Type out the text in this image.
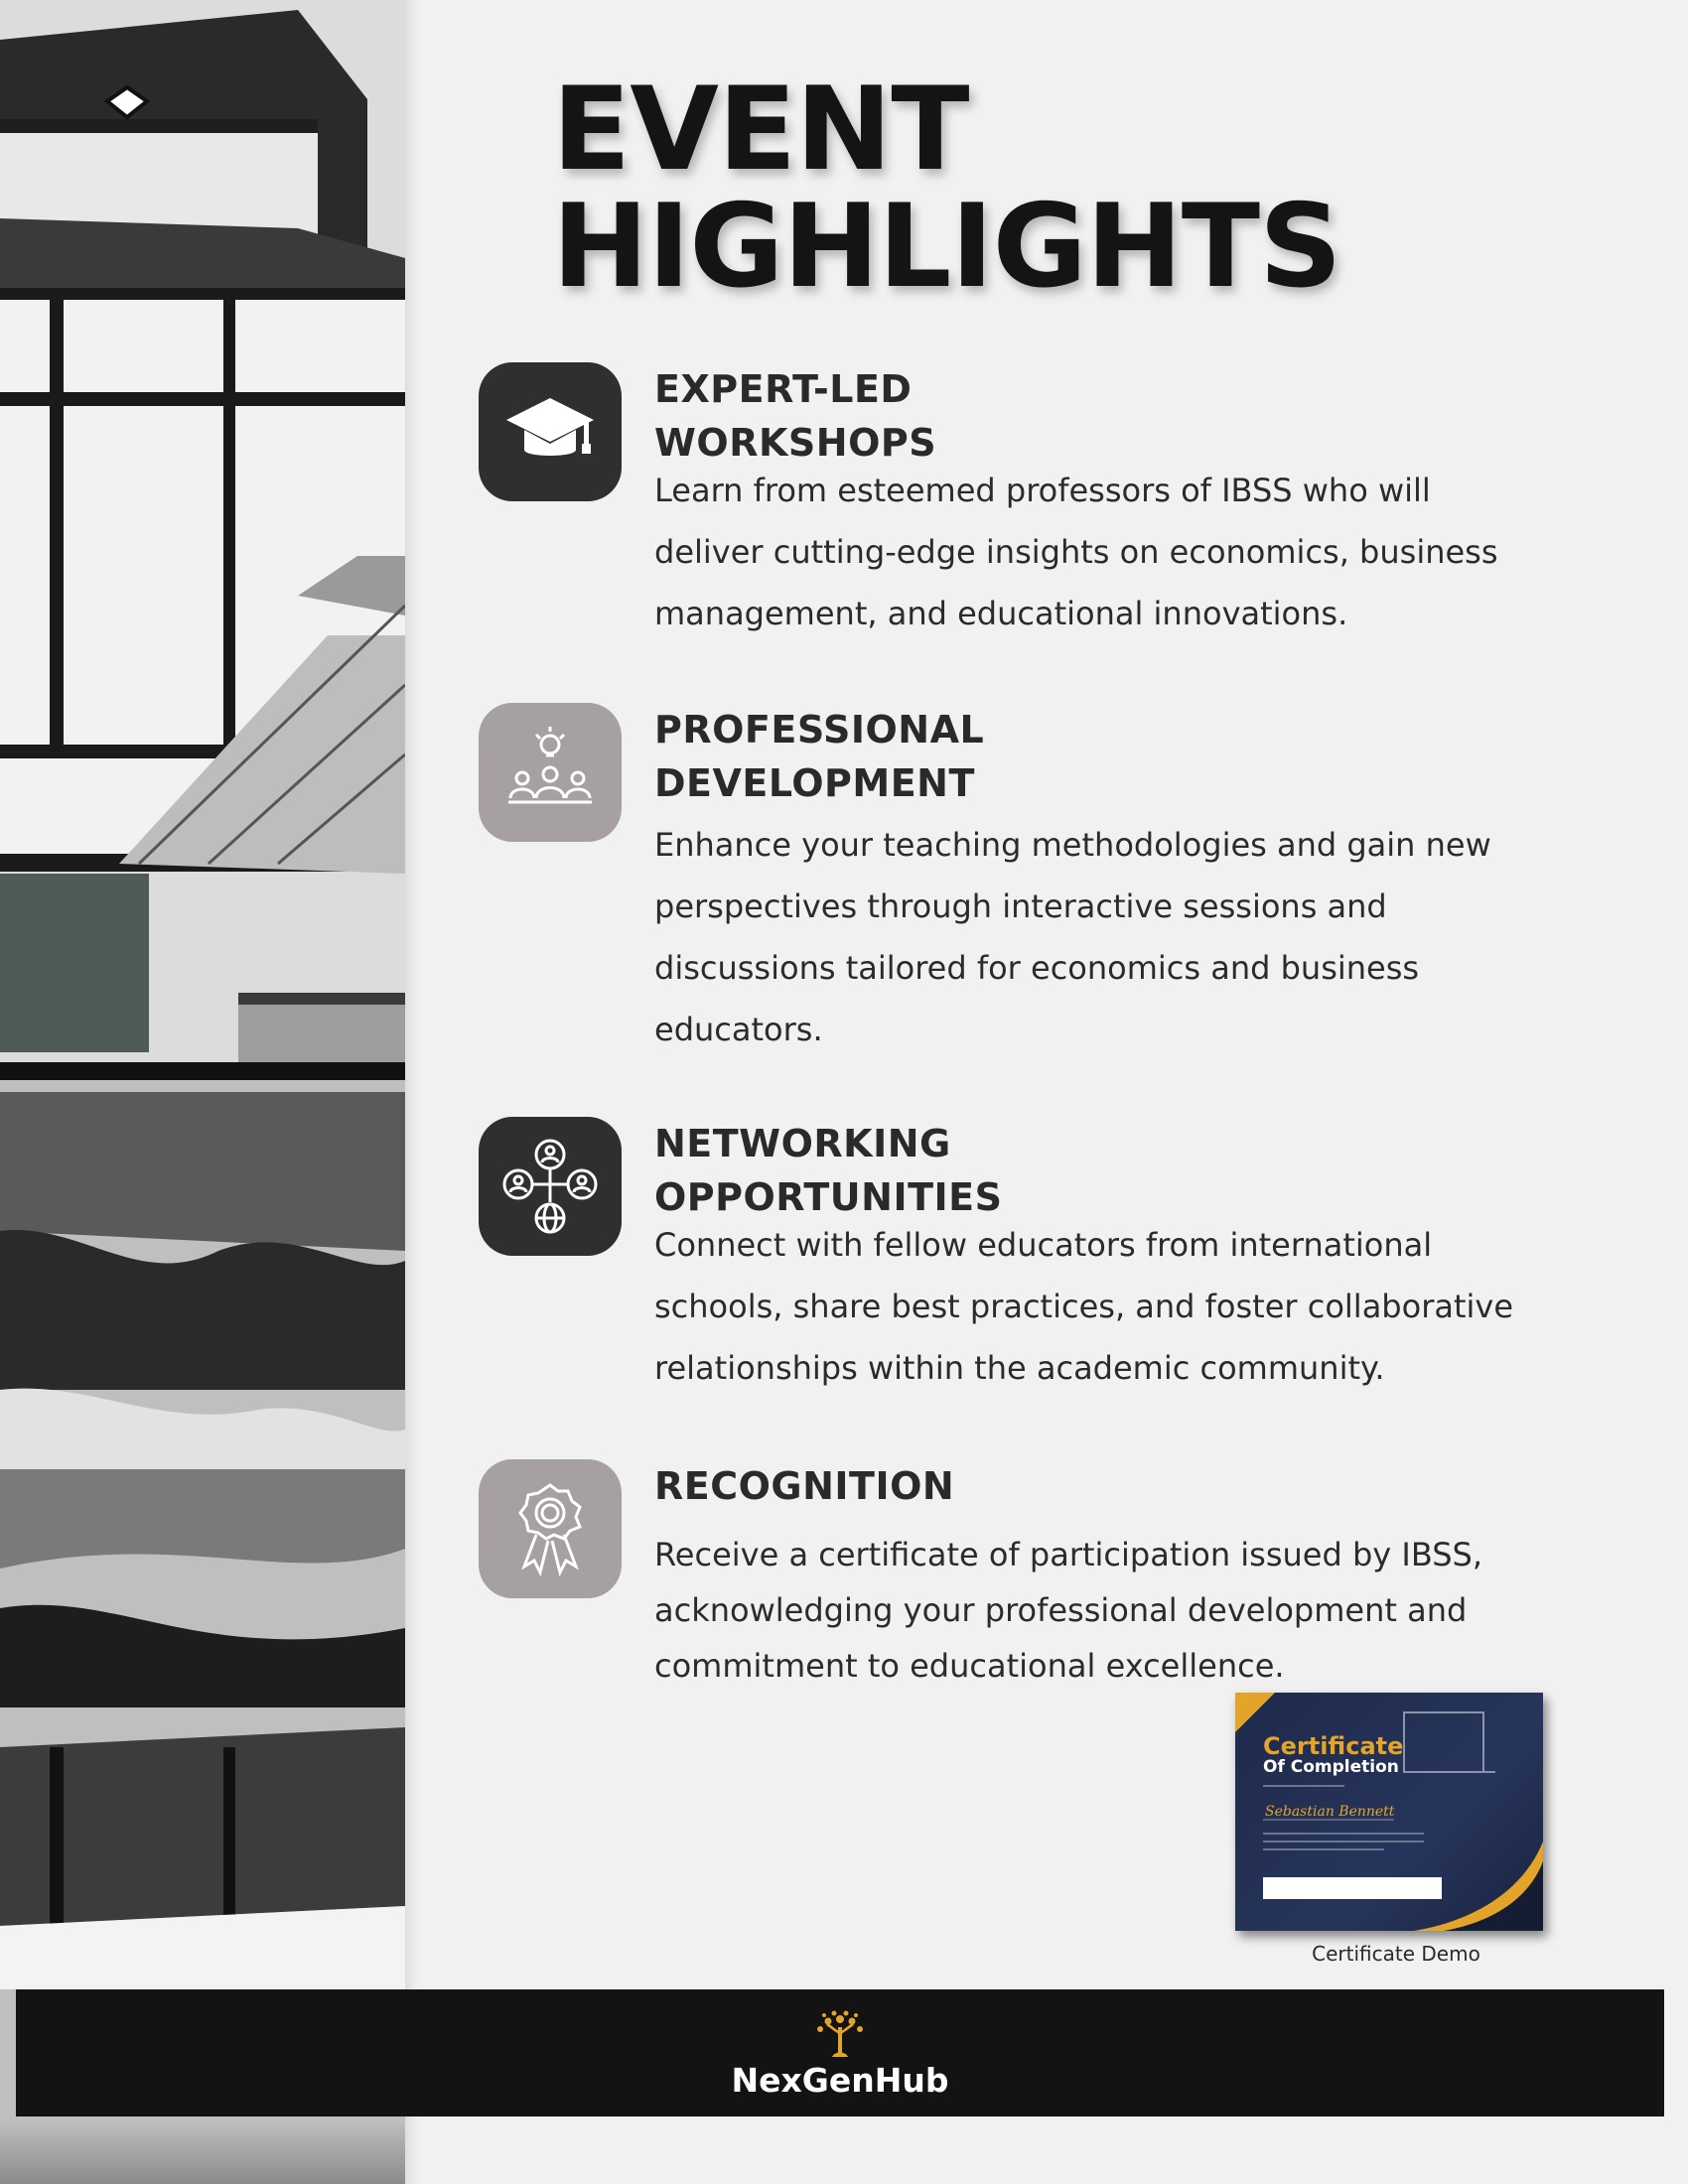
EVENT
HIGHLIGHTS
EXPERT-LED
WORKSHOPS

Learn from esteemed professors of IBSS who will
deliver cutting-edge insights on economics, business
management, and educational innovations.

PROFESSIONAL
DEVELOPMENT

Enhance your teaching methodologies and gain new
perspectives through interactive sessions and
discussions tailored for economics and business
educators.

NETWORKING
OPPORTUNITIES

Connect with fellow educators from international
schools, share best practices, and foster collaborative
relationships within the academic community.

RECOGNITION

Receive a certificate of participation issued by IBSS,
acknowledging your professional development and
commitment to educational excellence.

Certificate
Of Completion
Sebastian Bennett
Certificate Demo
NexGenHub
